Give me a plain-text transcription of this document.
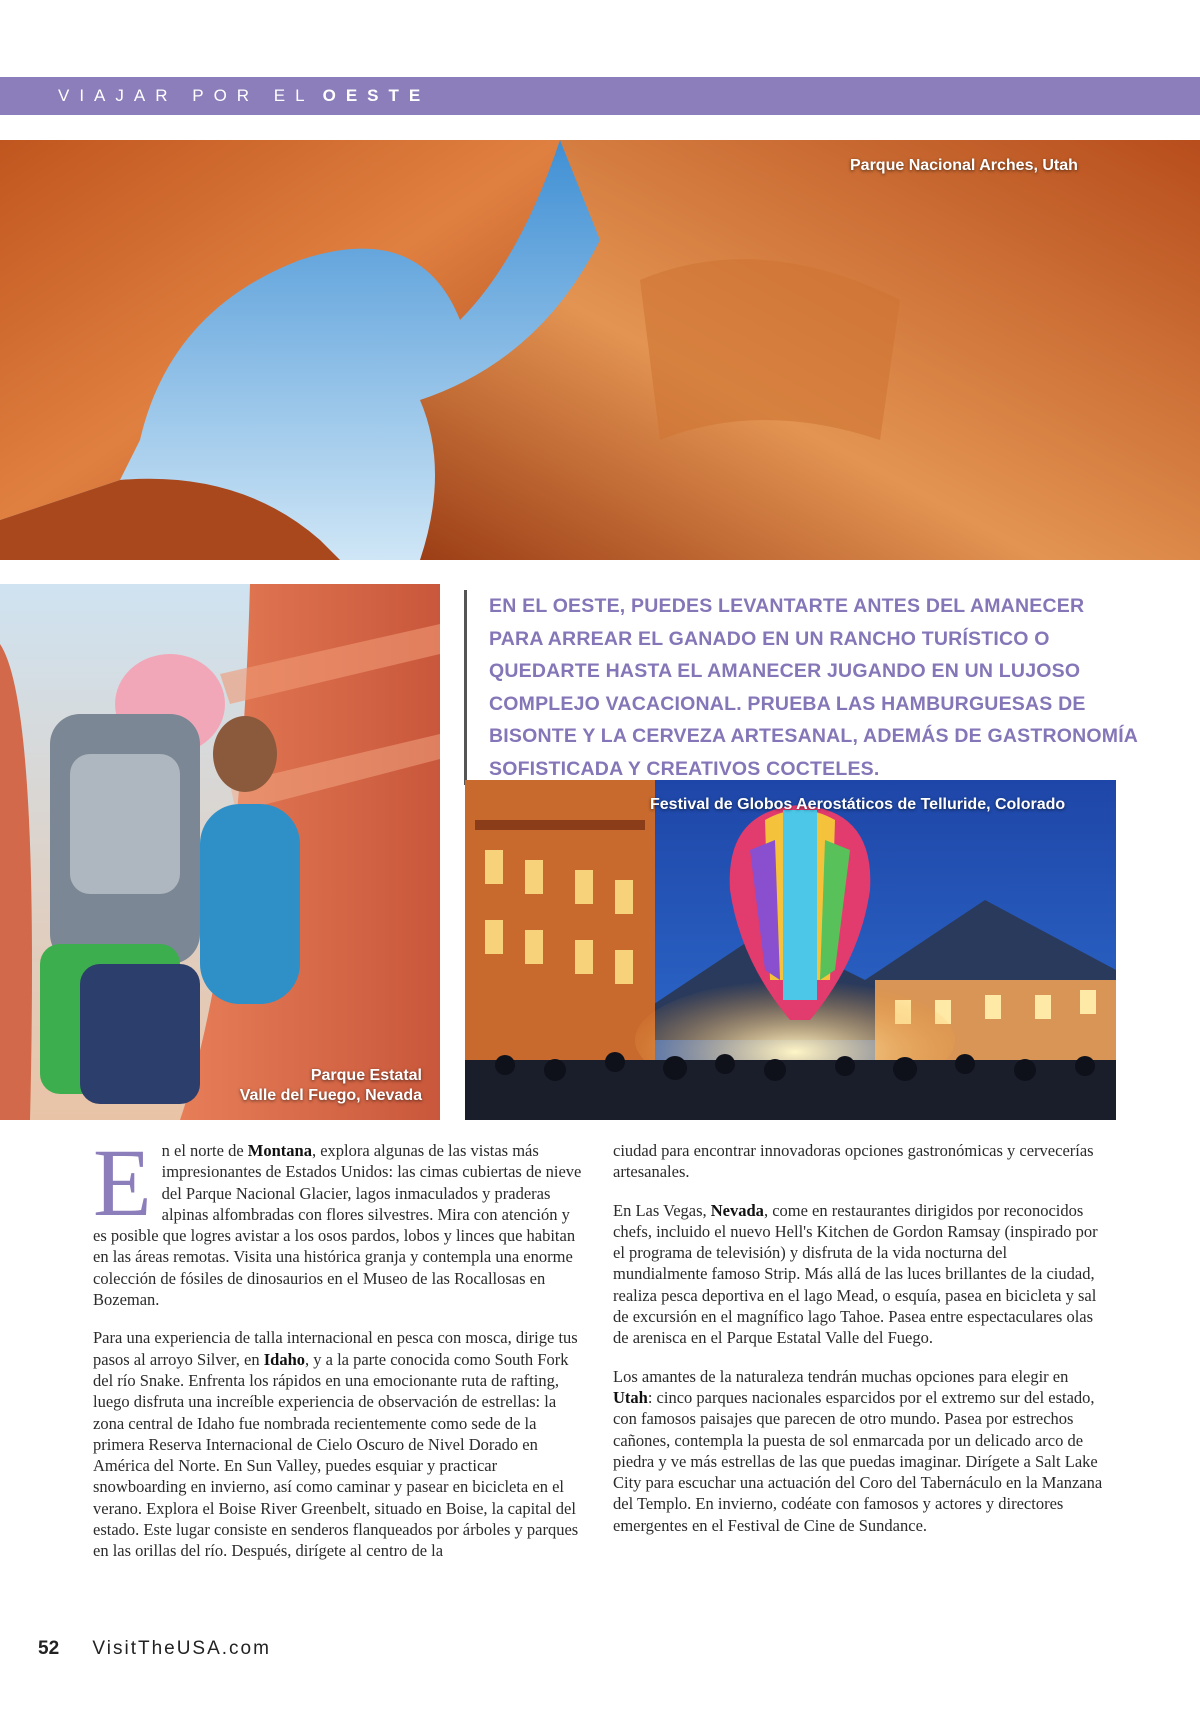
VIAJAR POR EL OESTE
Parque Nacional Arches, Utah
Parque Estatal
Valle del Fuego, Nevada
EN EL OESTE, PUEDES LEVANTARTE ANTES DEL AMANECER PARA ARREAR EL GANADO EN UN RANCHO TURÍSTICO O QUEDARTE HASTA EL AMANECER JUGANDO EN UN LUJOSO COMPLEJO VACACIONAL. PRUEBA LAS HAMBURGUESAS DE BISONTE Y LA CERVEZA ARTESANAL, ADEMÁS DE GASTRONOMÍA SOFISTICADA Y CREATIVOS COCTELES.
Festival de Globos Aerostáticos de Telluride, Colorado

En el norte de Montana, explora algunas de las vistas más impresionantes de Estados Unidos: las cimas cubiertas de nieve del Parque Nacional Glacier, lagos inmaculados y praderas alpinas alfombradas con flores silvestres. Mira con atención y es posible que logres avistar a los osos pardos, lobos y linces que habitan en las áreas remotas. Visita una histórica granja y contempla una enorme colección de fósiles de dinosaurios en el Museo de las Rocallosas en Bozeman.

Para una experiencia de talla internacional en pesca con mosca, dirige tus pasos al arroyo Silver, en Idaho, y a la parte conocida como South Fork del río Snake. Enfrenta los rápidos en una emocionante ruta de rafting, luego disfruta una increíble experiencia de observación de estrellas: la zona central de Idaho fue nombrada recientemente como sede de la primera Reserva Internacional de Cielo Oscuro de Nivel Dorado en América del Norte. En Sun Valley, puedes esquiar y practicar snowboarding en invierno, así como caminar y pasear en bicicleta en el verano. Explora el Boise River Greenbelt, situado en Boise, la capital del estado. Este lugar consiste en senderos flanqueados por árboles y parques en las orillas del río. Después, dirígete al centro de la

ciudad para encontrar innovadoras opciones gastronómicas y cervecerías artesanales.

En Las Vegas, Nevada, come en restaurantes dirigidos por reconocidos chefs, incluido el nuevo Hell's Kitchen de Gordon Ramsay (inspirado por el programa de televisión) y disfruta de la vida nocturna del mundialmente famoso Strip. Más allá de las luces brillantes de la ciudad, realiza pesca deportiva en el lago Mead, o esquía, pasea en bicicleta y sal de excursión en el magnífico lago Tahoe. Pasea entre espectaculares olas de arenisca en el Parque Estatal Valle del Fuego.

Los amantes de la naturaleza tendrán muchas opciones para elegir en Utah: cinco parques nacionales esparcidos por el extremo sur del estado, con famosos paisajes que parecen de otro mundo. Pasea por estrechos cañones, contempla la puesta de sol enmarcada por un delicado arco de piedra y ve más estrellas de las que puedas imaginar. Dirígete a Salt Lake City para escuchar una actuación del Coro del Tabernáculo en la Manzana del Templo. En invierno, codéate con famosos y actores y directores emergentes en el Festival de Cine de Sundance.

52 VisitTheUSA.com
